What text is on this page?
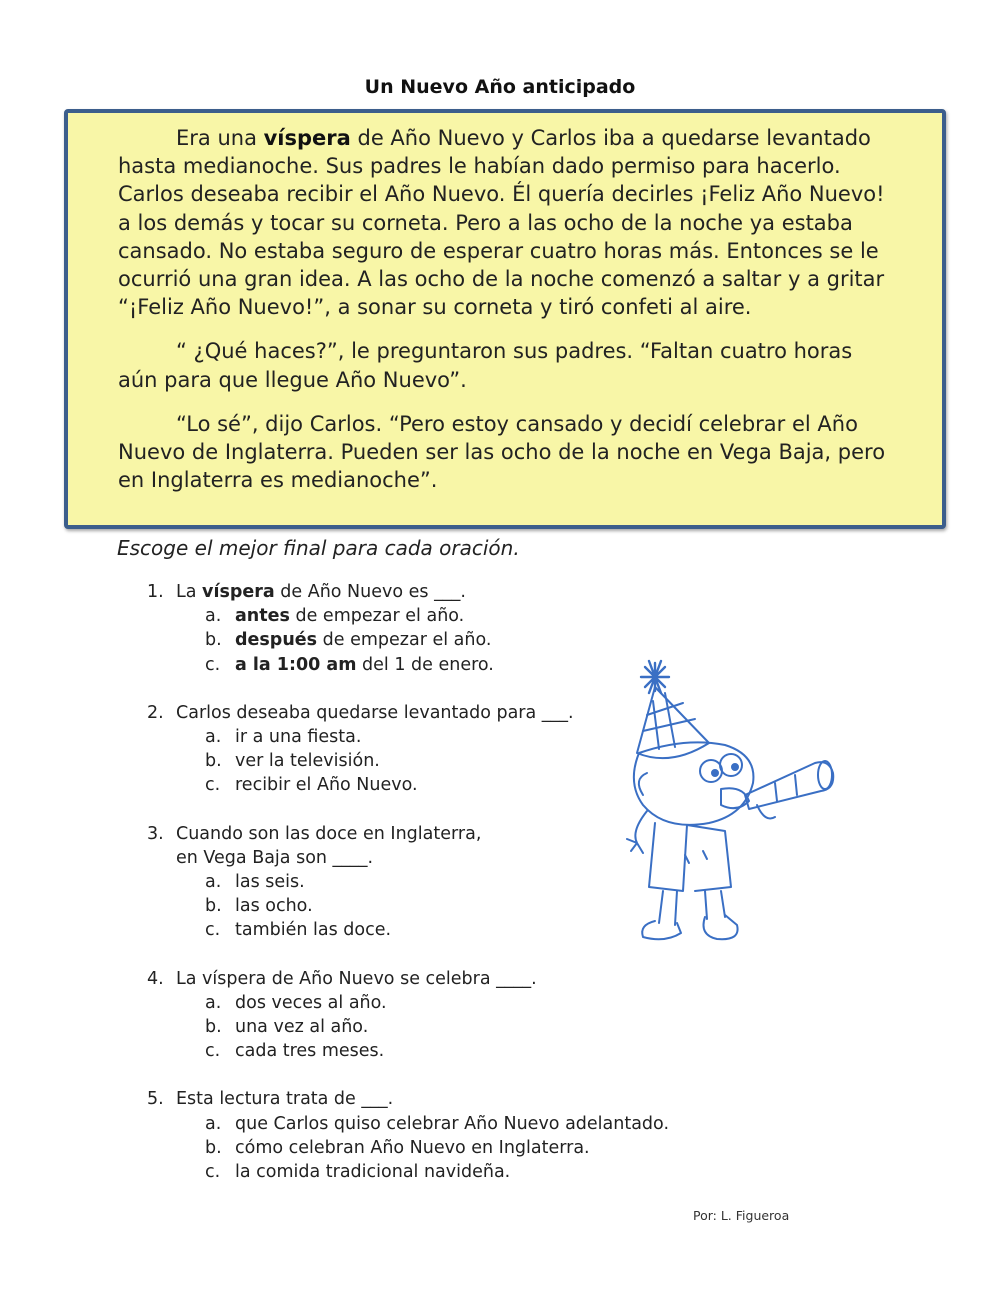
Un Nuevo Año anticipado

Era una víspera de Año Nuevo y Carlos iba a quedarse levantado hasta medianoche. Sus padres le habían dado permiso para hacerlo. Carlos deseaba recibir el Año Nuevo. Él quería decirles ¡Feliz Año Nuevo! a los demás y tocar su corneta. Pero a las ocho de la noche ya estaba cansado. No estaba seguro de esperar cuatro horas más. Entonces se le ocurrió una gran idea. A las ocho de la noche comenzó a saltar y a gritar “¡Feliz Año Nuevo!”, a sonar su corneta y tiró confeti al aire.

“ ¿Qué haces?”, le preguntaron sus padres. “Faltan cuatro horas aún para que llegue Año Nuevo”.

“Lo sé”, dijo Carlos. “Pero estoy cansado y decidí celebrar el Año Nuevo de Inglaterra. Pueden ser las ocho de la noche en Vega Baja, pero en Inglaterra es medianoche”.

Escoge el mejor final para cada oración.
1. La víspera de Año Nuevo es ___.
a. antes de empezar el año.
b. después de empezar el año.
c. a la 1:00 am del 1 de enero.
2. Carlos deseaba quedarse levantado para ___.
a. ir a una fiesta.
b. ver la televisión.
c. recibir el Año Nuevo.
3. Cuando son las doce en Inglaterra,
en Vega Baja son ____.
a. las seis.
b. las ocho.
c. también las doce.
4. La víspera de Año Nuevo se celebra ____.
a. dos veces al año.
b. una vez al año.
c. cada tres meses.
5. Esta lectura trata de ___.
a. que Carlos quiso celebrar Año Nuevo adelantado.
b. cómo celebran Año Nuevo en Inglaterra.
c. la comida tradicional navideña.
Por: L. Figueroa
